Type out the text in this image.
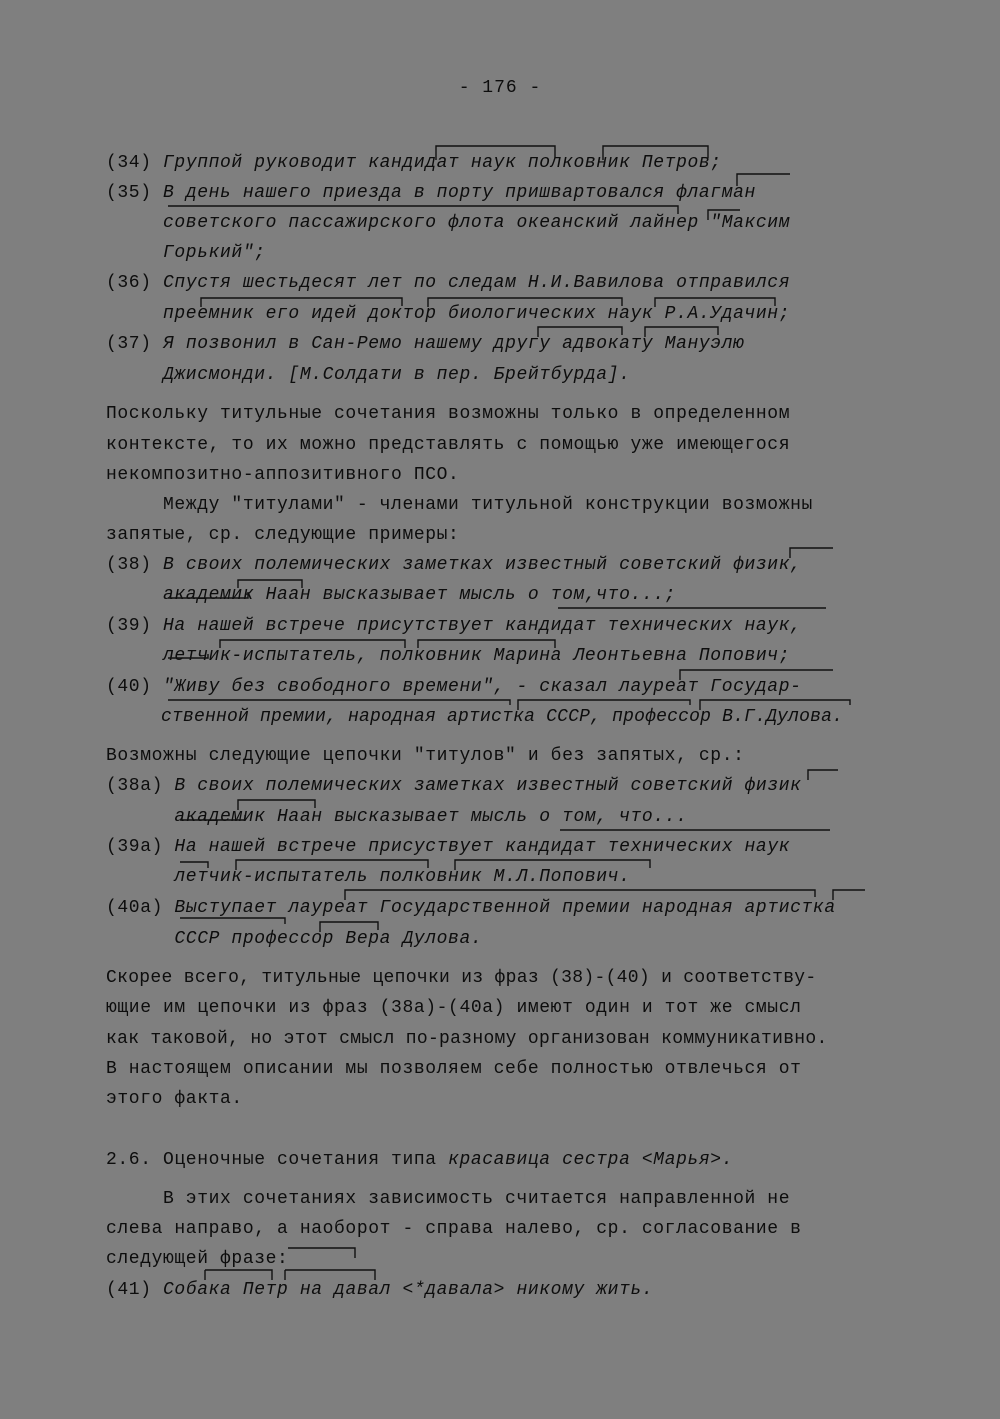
- 176 -
(34) Группой руководит кандидат наук полковник Петров;
(35) В день нашего приезда в порту пришвартовался флагман
советского пассажирского флота океанский лайнер "Максим
Горький";
(36) Спустя шестьдесят лет по следам Н.И.Вавилова отправился
преемник его идей доктор биологических наук Р.А.Удачин;
(37) Я позвонил в Сан-Ремо нашему другу адвокату Мануэлю
Джисмонди. [М.Солдати в пер. Брейтбурда].
Поскольку титульные сочетания возможны только в определенном
контексте, то их можно представлять с помощью уже имеющегося
некомпозитно-аппозитивного ПСО.
Между "титулами" - членами титульной конструкции возможны
запятые, ср. следующие примеры:
(38) В своих полемических заметках известный советский физик,
академик Наан высказывает мысль о том,что...;
(39) На нашей встрече присутствует кандидат технических наук,
летчик-испытатель, полковник Марина Леонтьевна Попович;
(40) "Живу без свободного времени", - сказал лауреат Государ-
ственной премии, народная артистка СССР, профессор В.Г.Дулова.
Возможны следующие цепочки "титулов" и без запятых, ср.:
(38а) В своих полемических заметках известный советский физик
академик Наан высказывает мысль о том, что...
(39а) На нашей встрече присуствует кандидат технических наук
летчик-испытатель полковник М.Л.Попович.
(40а) Выступает лауреат Государственной премии народная артистка
СССР профессор Вера Дулова.
Скорее всего, титульные цепочки из фраз (38)-(40) и соответству-
ющие им цепочки из фраз (38а)-(40а) имеют один и тот же смысл
как таковой, но этот смысл по-разному организован коммуникативно.
В настоящем описании мы позволяем себе полностью отвлечься от
этого факта.
2.6. Оценочные сочетания типа красавица сестра <Марья>.
В этих сочетаниях зависимость считается направленной не
слева направо, а наоборот - справа налево, ср. согласование в
следующей фразе:
(41) Собака Петр на давал <*давала> никому жить.
